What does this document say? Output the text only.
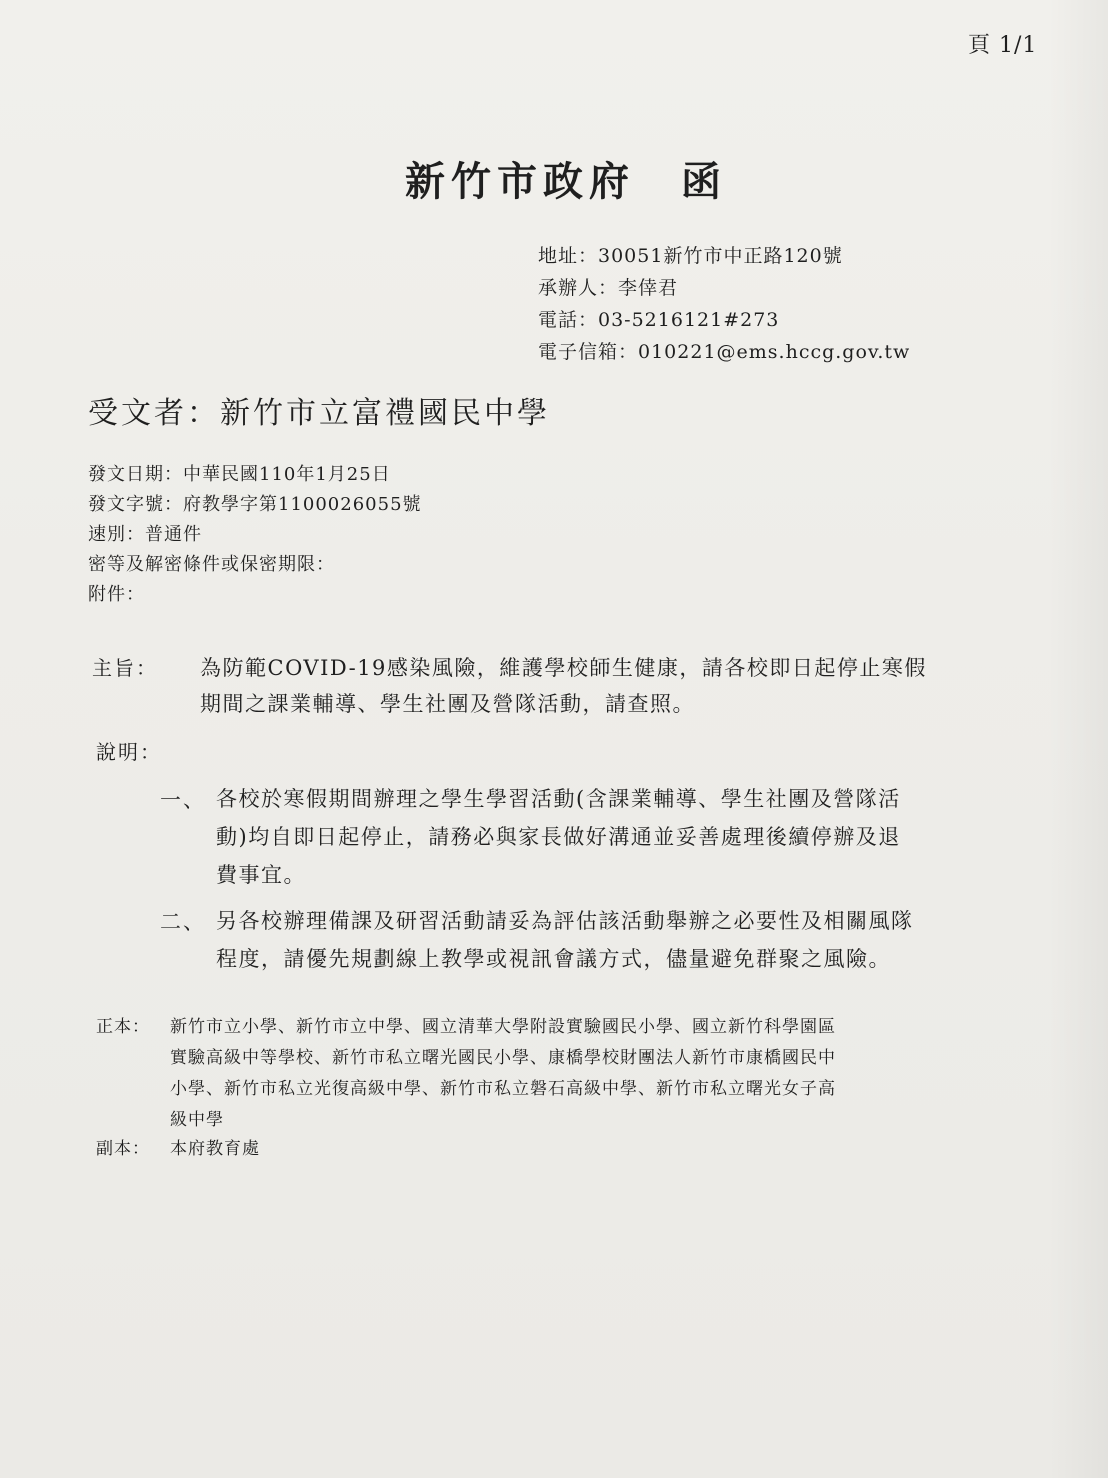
頁 1/1
新竹市政府　函
地址：30051新竹市中正路120號
承辦人：李倖君
電話：03-5216121#273
電子信箱：010221@ems.hccg.gov.tw
受文者：新竹市立富禮國民中學
發文日期：中華民國110年1月25日
發文字號：府教學字第1100026055號
速別：普通件
密等及解密條件或保密期限：
附件：
主旨： 為防範COVID-19感染風險，維護學校師生健康，請各校即日起停止寒假
期間之課業輔導、學生社團及營隊活動，請查照。
說明：
一、 各校於寒假期間辦理之學生學習活動(含課業輔導、學生社團及營隊活
動)均自即日起停止，請務必與家長做好溝通並妥善處理後續停辦及退
費事宜。
二、 另各校辦理備課及研習活動請妥為評估該活動舉辦之必要性及相關風隊
程度，請優先規劃線上教學或視訊會議方式，儘量避免群聚之風險。
正本： 新竹市立小學、新竹市立中學、國立清華大學附設實驗國民小學、國立新竹科學園區
實驗高級中等學校、新竹市私立曙光國民小學、康橋學校財團法人新竹市康橋國民中
小學、新竹市私立光復高級中學、新竹市私立磐石高級中學、新竹市私立曙光女子高
級中學
副本： 本府教育處
